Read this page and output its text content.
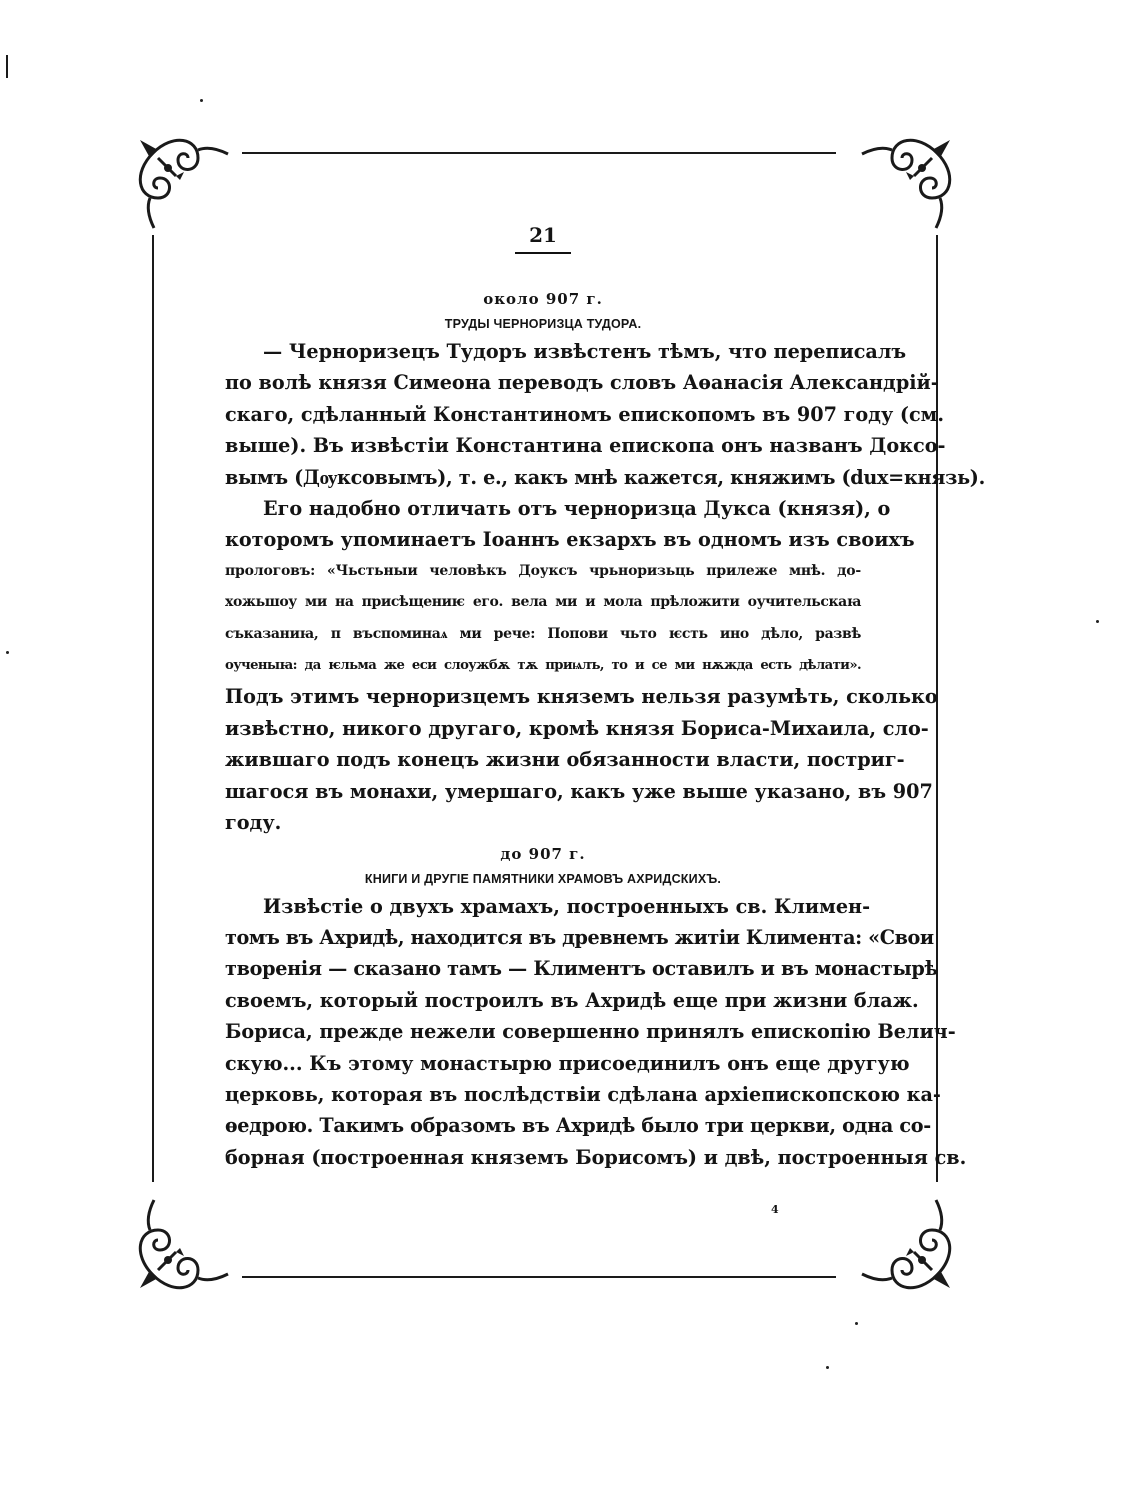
21
около 907 г.
ТРУДЫ ЧЕРНОРИЗЦА ТУДОРА.

— Черноризецъ Тудоръ извѣстенъ тѣмъ, что переписалъ
по волѣ князя Симеона переводъ словъ Аѳанасія Александрій-
скаго, сдѣланный Константиномъ епископомъ въ 907 году (см.
выше). Въ извѣстіи Константина епископа онъ названъ Доксо-
вымъ (Дѹксовымъ), т. е., какъ мнѣ кажется, княжимъ (dux=князь).

Его надобно отличать отъ черноризца Дукса (князя), о
которомъ упоминаетъ Іоаннъ екзархъ въ одномъ изъ своихъ
прологовъ: «Чьстьныи человѣкъ Доуксъ чрьноризьць прилеже мнѣ. до-
хожьшоу ми на присѣщениѥ его. вела ми и мола прѣложити оучительскаꙗ
съказаниꙗ, п въспоминаѧ ми рече: Попови чьто ѥсть ино дѣло, развѣ
оученыꙗ: да ѥльма же еси слоужбѫ тѫ приѩлъ, то и се ми нѫжда есть дѣлати».
Подъ этимъ черноризцемъ княземъ нельзя разумѣть, сколько
извѣстно, никого другаго, кромѣ князя Бориса-Михаила, сло-
жившаго подъ конецъ жизни обязанности власти, постриг-
шагося въ монахи, умершаго, какъ уже выше указано, въ 907
году.

до 907 г.
КНИГИ И ДРУГІЕ ПАМЯТНИКИ ХРАМОВЪ АХРИДСКИХЪ.

Извѣстіе о двухъ храмахъ, построенныхъ св. Климен-
томъ въ Ахридѣ, находится въ древнемъ житіи Климента: «Свои
творенія — сказано тамъ — Климентъ оставилъ и въ монастырѣ
своемъ, который построилъ въ Ахридѣ еще при жизни блаж.
Бориса, прежде нежели совершенно принялъ епископію Велич-
скую... Къ этому монастырю присоединилъ онъ еще другую
церковь, которая въ послѣдствіи сдѣлана архіепископскою ка-
ѳедрою. Такимъ образомъ въ Ахридѣ было три церкви, одна со-
борная (построенная княземъ Борисомъ) и двѣ, построенныя св.

4
